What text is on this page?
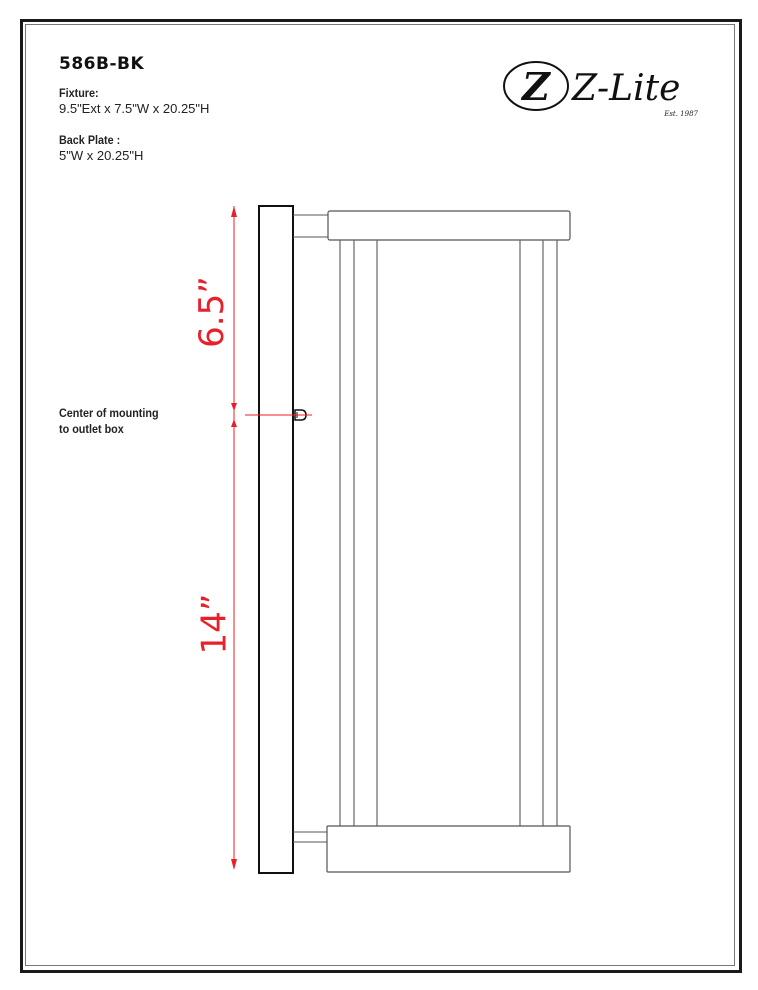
586B-BK
Fixture:
9.5"Ext x 7.5"W x 20.25"H
Back Plate :
5"W x 20.25"H
Center of mounting
to outlet box
Z Z-Lite
Est. 1987
6.5”
14”
